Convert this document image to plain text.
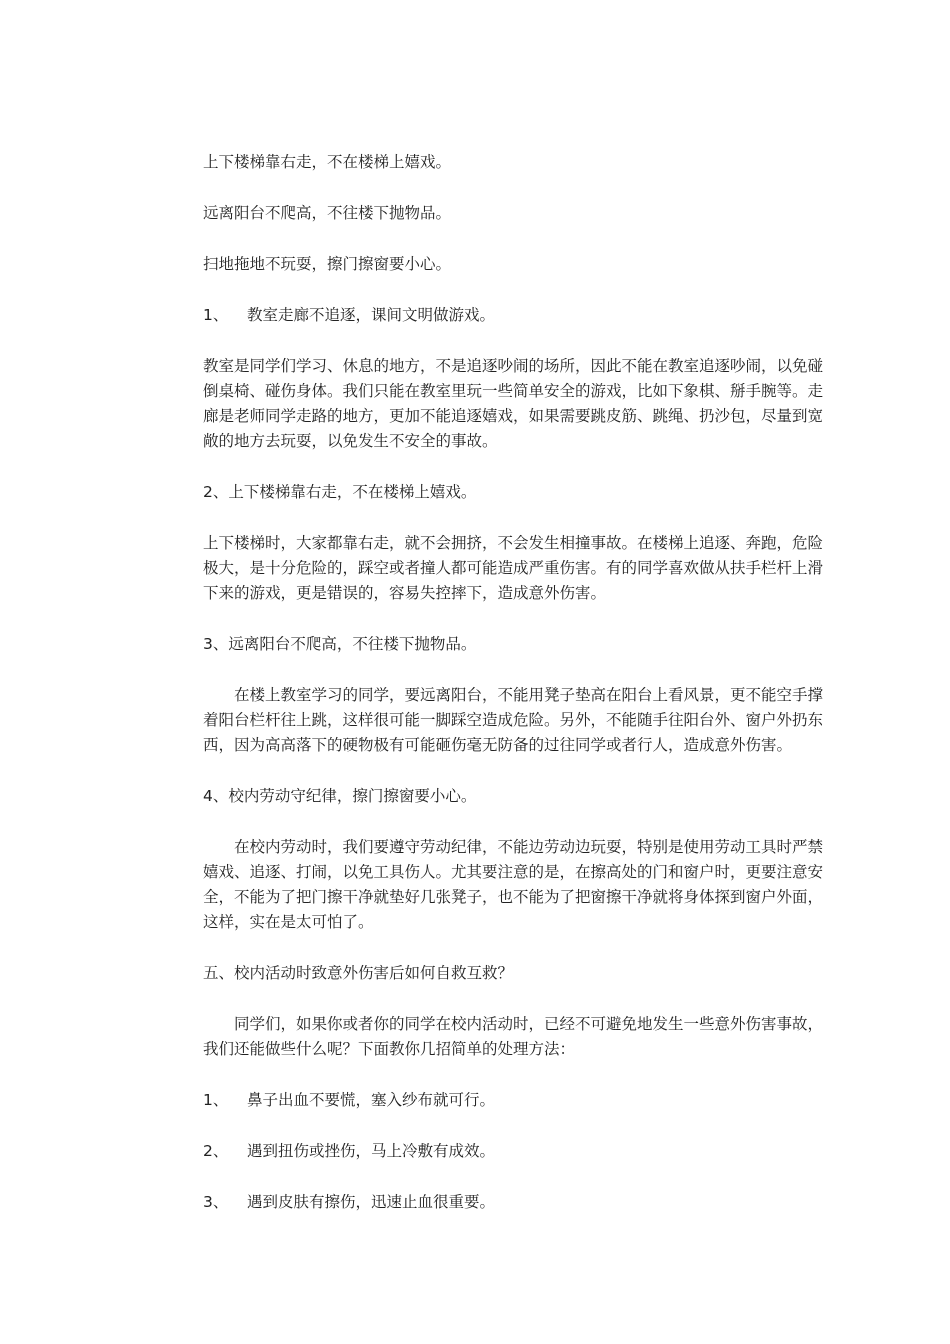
上下楼梯靠右走，不在楼梯上嬉戏。

远离阳台不爬高，不往楼下抛物品。

扫地拖地不玩耍，擦门擦窗要小心。

1、 教室走廊不追逐，课间文明做游戏。

教室是同学们学习、休息的地方，不是追逐吵闹的场所，因此不能在教室追逐吵闹，以免碰倒桌椅、碰伤身体。我们只能在教室里玩一些简单安全的游戏，比如下象棋、掰手腕等。走廊是老师同学走路的地方，更加不能追逐嬉戏，如果需要跳皮筋、跳绳、扔沙包，尽量到宽敞的地方去玩耍，以免发生不安全的事故。

2、上下楼梯靠右走，不在楼梯上嬉戏。

上下楼梯时，大家都靠右走，就不会拥挤，不会发生相撞事故。在楼梯上追逐、奔跑，危险极大，是十分危险的，踩空或者撞人都可能造成严重伤害。有的同学喜欢做从扶手栏杆上滑下来的游戏，更是错误的，容易失控摔下，造成意外伤害。

3、远离阳台不爬高，不往楼下抛物品。

在楼上教室学习的同学，要远离阳台，不能用凳子垫高在阳台上看风景，更不能空手撑着阳台栏杆往上跳，这样很可能一脚踩空造成危险。另外，不能随手往阳台外、窗户外扔东西，因为高高落下的硬物极有可能砸伤毫无防备的过往同学或者行人，造成意外伤害。

4、校内劳动守纪律，擦门擦窗要小心。

在校内劳动时，我们要遵守劳动纪律，不能边劳动边玩耍，特别是使用劳动工具时严禁嬉戏、追逐、打闹，以免工具伤人。尤其要注意的是，在擦高处的门和窗户时，更要注意安全，不能为了把门擦干净就垫好几张凳子，也不能为了把窗擦干净就将身体探到窗户外面，这样，实在是太可怕了。

五、校内活动时致意外伤害后如何自救互救？

同学们，如果你或者你的同学在校内活动时，已经不可避免地发生一些意外伤害事故，我们还能做些什么呢？下面教你几招简单的处理方法：

1、 鼻子出血不要慌，塞入纱布就可行。

2、 遇到扭伤或挫伤，马上冷敷有成效。

3、 遇到皮肤有擦伤，迅速止血很重要。
